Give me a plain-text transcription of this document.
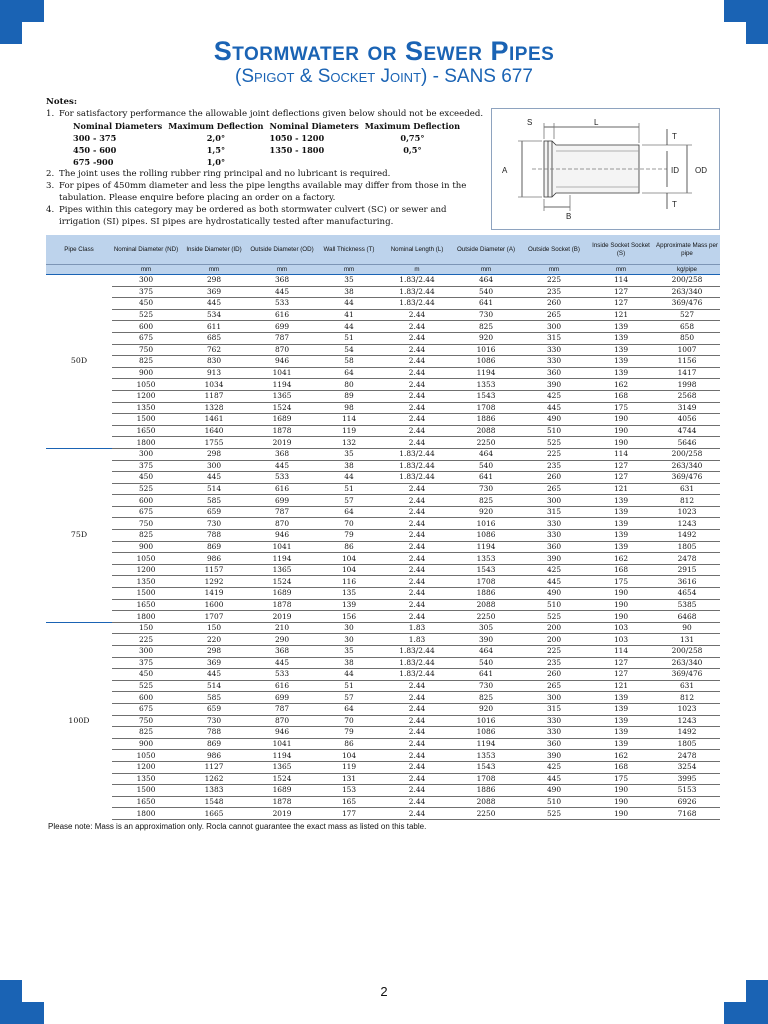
Stormwater or Sewer Pipes
(Spigot & Socket Joint) - SANS 677
Notes:
1. For satisfactory performance the allowable joint deflections given below should not be exceeded.
Nominal Diameters	Maximum Deflection	Nominal Diameters	Maximum Deflection
300 - 375	2,0°	1050 - 1200	0,75°
450 - 600	1,5°	1350 - 1800	0,5°
675 -900	1,0°		
2. The joint uses the rolling rubber ring principal and no lubricant is required.
3. For pipes of 450mm diameter and less the pipe lengths available may differ from those in the tabulation. Please enquire before placing an order on a factory.
4. Pipes within this category may be ordered as both stormwater culvert (SC) or sewer and irrigation (SI) pipes. SI pipes are hydrostatically tested after manufacturing.
S	L
T
A	ID OD
B
T
Pipe Class	Nominal Diameter (ND)	Inside Diameter (ID)	Outside Diameter (OD)	Wall Thickness (T)	Nominal Length (L)	Outside Diameter (A)	Outside Socket (B)	Inside Socket Socket (S)	Approximate Mass per pipe
	mm	mm	mm	mm	m	mm	mm	mm	kg/pipe
50D	300	298	368	35	1.83/2.44	464	225	114	200/258
	375	369	445	38	1.83/2.44	540	235	127	263/340
	450	445	533	44	1.83/2.44	641	260	127	369/476
	525	534	616	41	2.44	730	265	121	527
	600	611	699	44	2.44	825	300	139	658
	675	685	787	51	2.44	920	315	139	850
	750	762	870	54	2.44	1016	330	139	1007
	825	830	946	58	2.44	1086	330	139	1156
	900	913	1041	64	2.44	1194	360	139	1417
	1050	1034	1194	80	2.44	1353	390	162	1998
	1200	1187	1365	89	2.44	1543	425	168	2568
	1350	1328	1524	98	2.44	1708	445	175	3149
	1500	1461	1689	114	2.44	1886	490	190	4056
	1650	1640	1878	119	2.44	2088	510	190	4744
	1800	1755	2019	132	2.44	2250	525	190	5646
75D	300	298	368	35	1.83/2.44	464	225	114	200/258
	375	300	445	38	1.83/2.44	540	235	127	263/340
	450	445	533	44	1.83/2.44	641	260	127	369/476
	525	514	616	51	2.44	730	265	121	631
	600	585	699	57	2.44	825	300	139	812
	675	659	787	64	2.44	920	315	139	1023
	750	730	870	70	2.44	1016	330	139	1243
	825	788	946	79	2.44	1086	330	139	1492
	900	869	1041	86	2.44	1194	360	139	1805
	1050	986	1194	104	2.44	1353	390	162	2478
	1200	1157	1365	104	2.44	1543	425	168	2915
	1350	1292	1524	116	2.44	1708	445	175	3616
	1500	1419	1689	135	2.44	1886	490	190	4654
	1650	1600	1878	139	2.44	2088	510	190	5385
	1800	1707	2019	156	2.44	2250	525	190	6468
100D	150	150	210	30	1.83	305	200	103	90
	225	220	290	30	1.83	390	200	103	131
	300	298	368	35	1.83/2.44	464	225	114	200/258
	375	369	445	38	1.83/2.44	540	235	127	263/340
	450	445	533	44	1.83/2.44	641	260	127	369/476
	525	514	616	51	2.44	730	265	121	631
	600	585	699	57	2.44	825	300	139	812
	675	659	787	64	2.44	920	315	139	1023
	750	730	870	70	2.44	1016	330	139	1243
	825	788	946	79	2.44	1086	330	139	1492
	900	869	1041	86	2.44	1194	360	139	1805
	1050	986	1194	104	2.44	1353	390	162	2478
	1200	1127	1365	119	2.44	1543	425	168	3254
	1350	1262	1524	131	2.44	1708	445	175	3995
	1500	1383	1689	153	2.44	1886	490	190	5153
	1650	1548	1878	165	2.44	2088	510	190	6926
	1800	1665	2019	177	2.44	2250	525	190	7168
Please note: Mass is an approximation only. Rocla cannot guarantee the exact mass as listed on this table.
2
